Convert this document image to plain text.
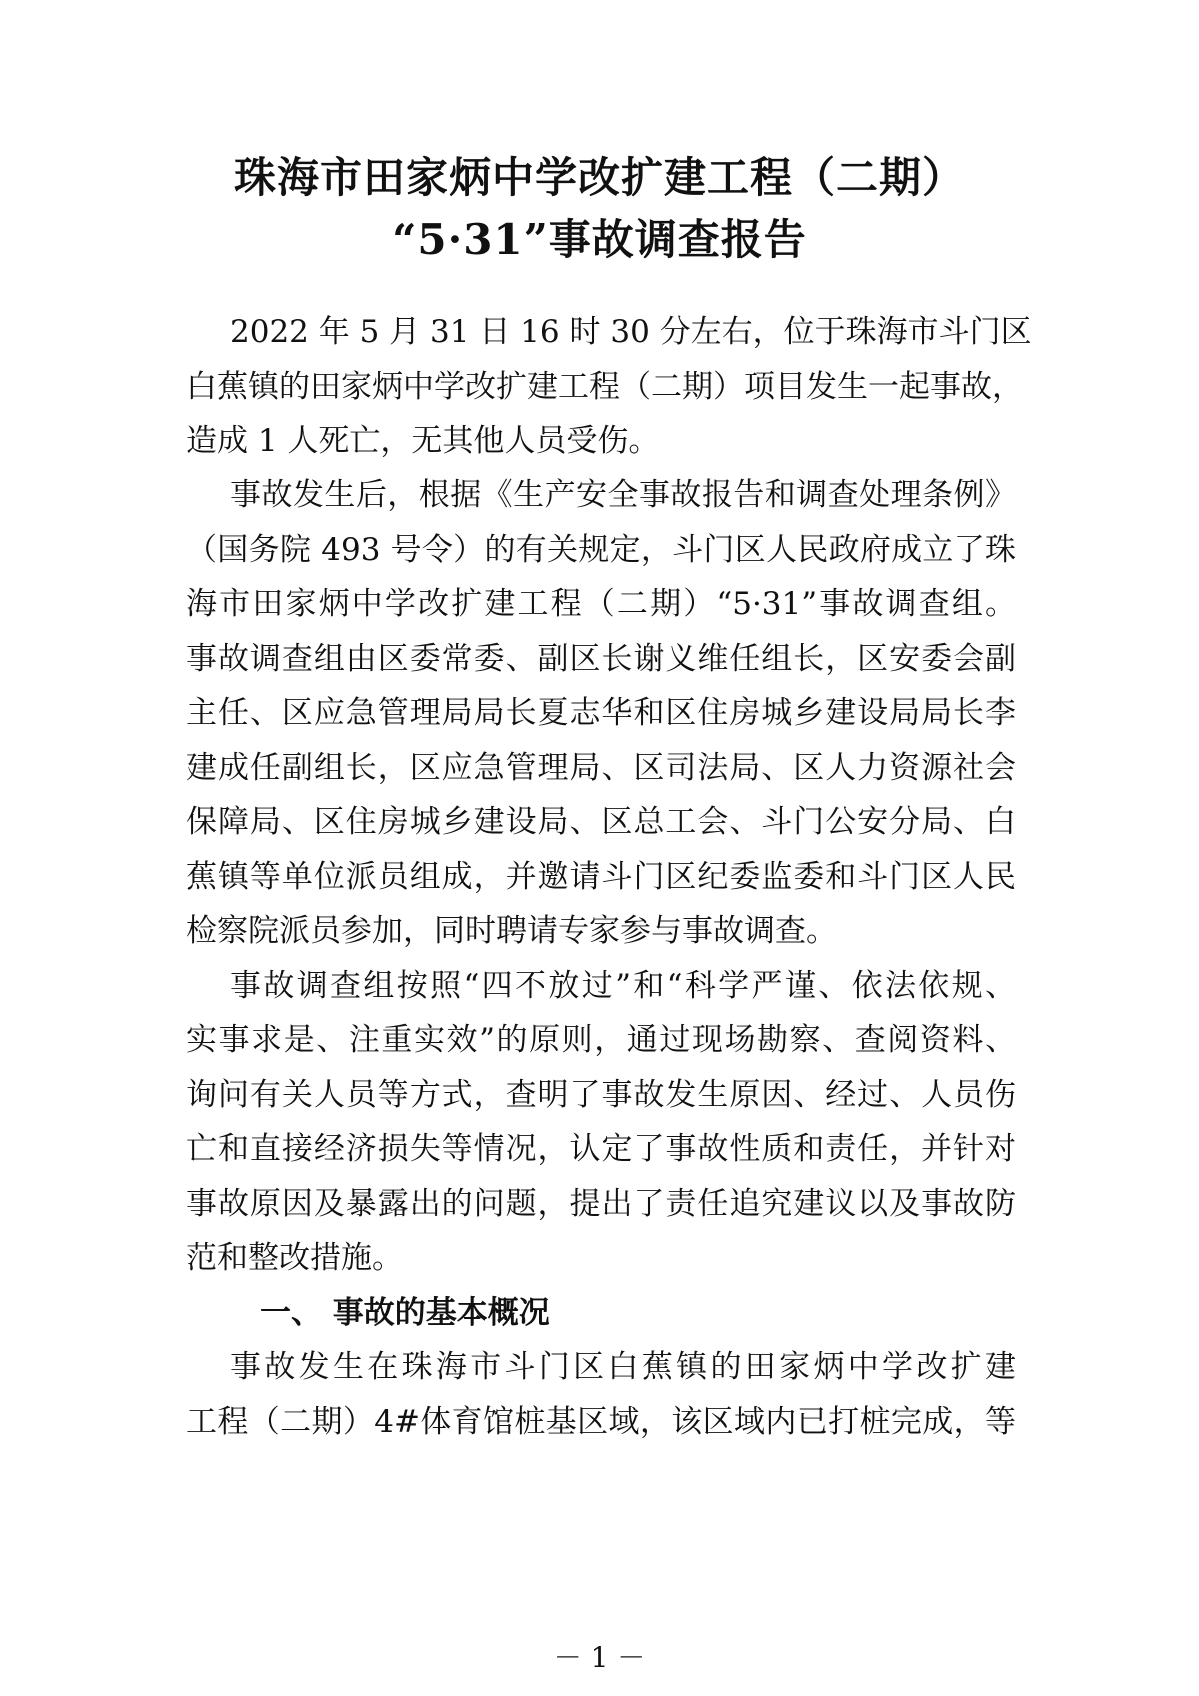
珠海市田家炳中学改扩建工程（二期）
“5·31”事故调查报告

2022 年 5 月 31 日 16 时 30 分左右，位于珠海市斗门区

白蕉镇的田家炳中学改扩建工程（二期）项目发生一起事故，

造成 1 人死亡，无其他人员受伤。

事故发生后，根据《生产安全事故报告和调查处理条例》

（国务院 493 号令）的有关规定，斗门区人民政府成立了珠

海市田家炳中学改扩建工程（二期）“5·31”事故调查组。

事故调查组由区委常委、副区长谢义维任组长，区安委会副

主任、区应急管理局局长夏志华和区住房城乡建设局局长李

建成任副组长，区应急管理局、区司法局、区人力资源社会

保障局、区住房城乡建设局、区总工会、斗门公安分局、白

蕉镇等单位派员组成，并邀请斗门区纪委监委和斗门区人民

检察院派员参加，同时聘请专家参与事故调查。

事故调查组按照“四不放过”和“科学严谨、依法依规、

实事求是、注重实效”的原则，通过现场勘察、查阅资料、

询问有关人员等方式，查明了事故发生原因、经过、人员伤

亡和直接经济损失等情况，认定了事故性质和责任，并针对

事故原因及暴露出的问题，提出了责任追究建议以及事故防

范和整改措施。

一、 事故的基本概况

事故发生在珠海市斗门区白蕉镇的田家炳中学改扩建

工程（二期）4#体育馆桩基区域，该区域内已打桩完成，等

－ 1 －
